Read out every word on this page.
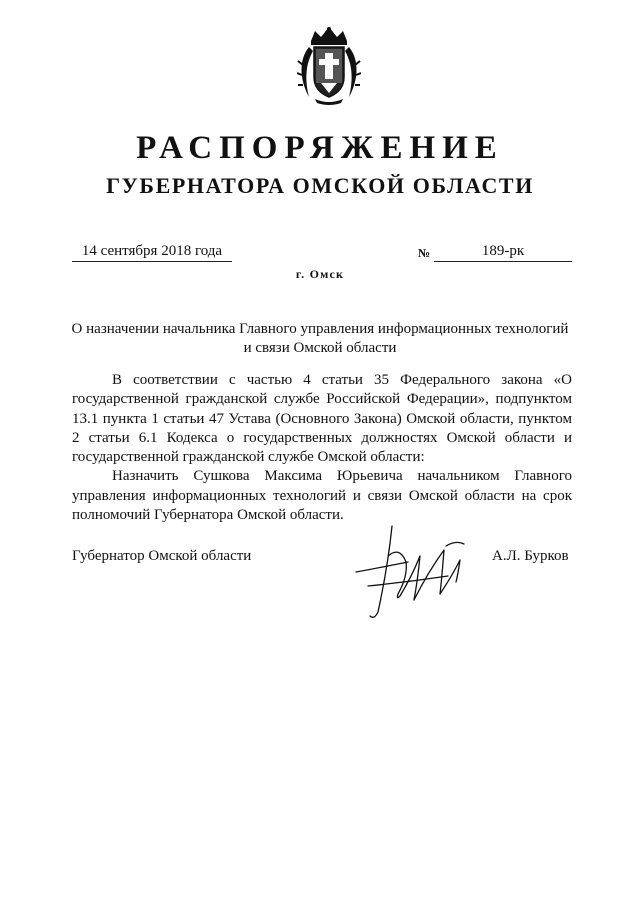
РАСПОРЯЖЕНИЕ
ГУБЕРНАТОРА ОМСКОЙ ОБЛАСТИ
14 сентября 2018 года	№	189-рк
г. Омск
О назначении начальника Главного управления информационных технологий
и связи Омской области

В соответствии с частью 4 статьи 35 Федерального закона «О государственной гражданской службе Российской Федерации», подпунктом 13.1 пункта 1 статьи 47 Устава (Основного Закона) Омской области, пунктом 2 статьи 6.1 Кодекса о государственных должностях Омской области и государственной гражданской службе Омской области:

Назначить Сушкова Максима Юрьевича начальником Главного управления информационных технологий и связи Омской области на срок полномочий Губернатора Омской области.

Губернатор Омской области	А.Л. Бурков
